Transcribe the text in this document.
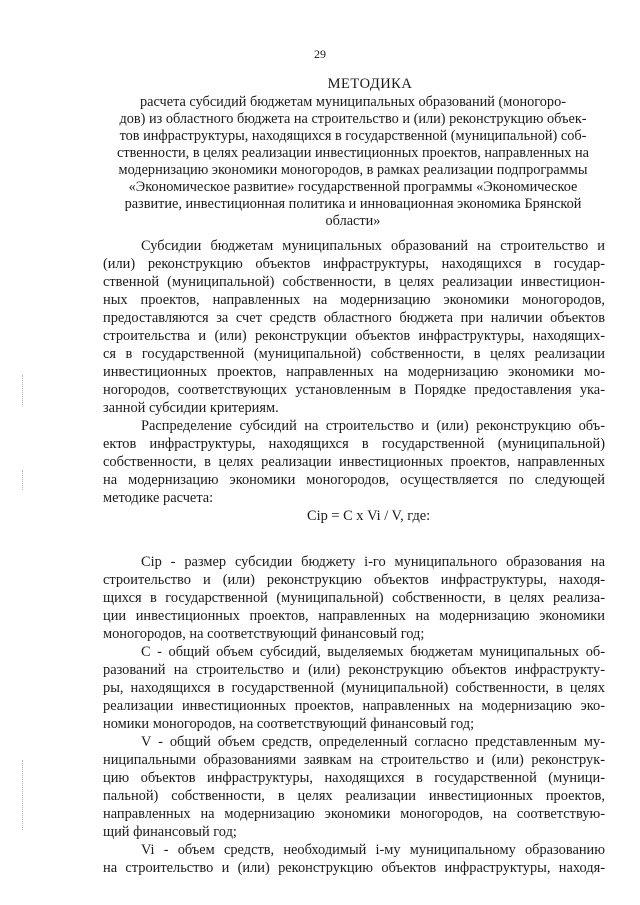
29
МЕТОДИКА
расчета субсидий бюджетам муниципальных образований (моногоро-
дов) из областного бюджета на строительство и (или) реконструкцию объек-
тов инфраструктуры, находящихся в государственной (муниципальной) соб-
ственности, в целях реализации инвестиционных проектов, направленных на
модернизацию экономики моногородов, в рамках реализации подпрограммы
«Экономическое развитие» государственной программы «Экономическое
развитие, инвестиционная политика и инновационная экономика Брянской
области»
Субсидии бюджетам муниципальных образований на строительство и
(или) реконструкцию объектов инфраструктуры, находящихся в государ-
ственной (муниципальной) собственности, в целях реализации инвестицион-
ных проектов, направленных на модернизацию экономики моногородов,
предоставляются за счет средств областного бюджета при наличии объектов
строительства и (или) реконструкции объектов инфраструктуры, находящих-
ся в государственной (муниципальной) собственности, в целях реализации
инвестиционных проектов, направленных на модернизацию экономики мо-
ногородов, соответствующих установленным в Порядке предоставления ука-
занной субсидии критериям.
Распределение субсидий на строительство и (или) реконструкцию объ-
ектов инфраструктуры, находящихся в государственной (муниципальной)
собственности, в целях реализации инвестиционных проектов, направленных
на модернизацию экономики моногородов, осуществляется по следующей
методике расчета:
Сiр = С х Vi / V, где:
Сiр - размер субсидии бюджету i-го муниципального образования на
строительство и (или) реконструкцию объектов инфраструктуры, находя-
щихся в государственной (муниципальной) собственности, в целях реализа-
ции инвестиционных проектов, направленных на модернизацию экономики
моногородов, на соответствующий финансовый год;
С - общий объем субсидий, выделяемых бюджетам муниципальных об-
разований на строительство и (или) реконструкцию объектов инфраструкту-
ры, находящихся в государственной (муниципальной) собственности, в целях
реализации инвестиционных проектов, направленных на модернизацию эко-
номики моногородов, на соответствующий финансовый год;
V - общий объем средств, определенный согласно представленным му-
ниципальными образованиями заявкам на строительство и (или) реконструк-
цию объектов инфраструктуры, находящихся в государственной (муници-
пальной) собственности, в целях реализации инвестиционных проектов,
направленных на модернизацию экономики моногородов, на соответствую-
щий финансовый год;
Vi - объем средств, необходимый i-му муниципальному образованию
на строительство и (или) реконструкцию объектов инфраструктуры, находя-
